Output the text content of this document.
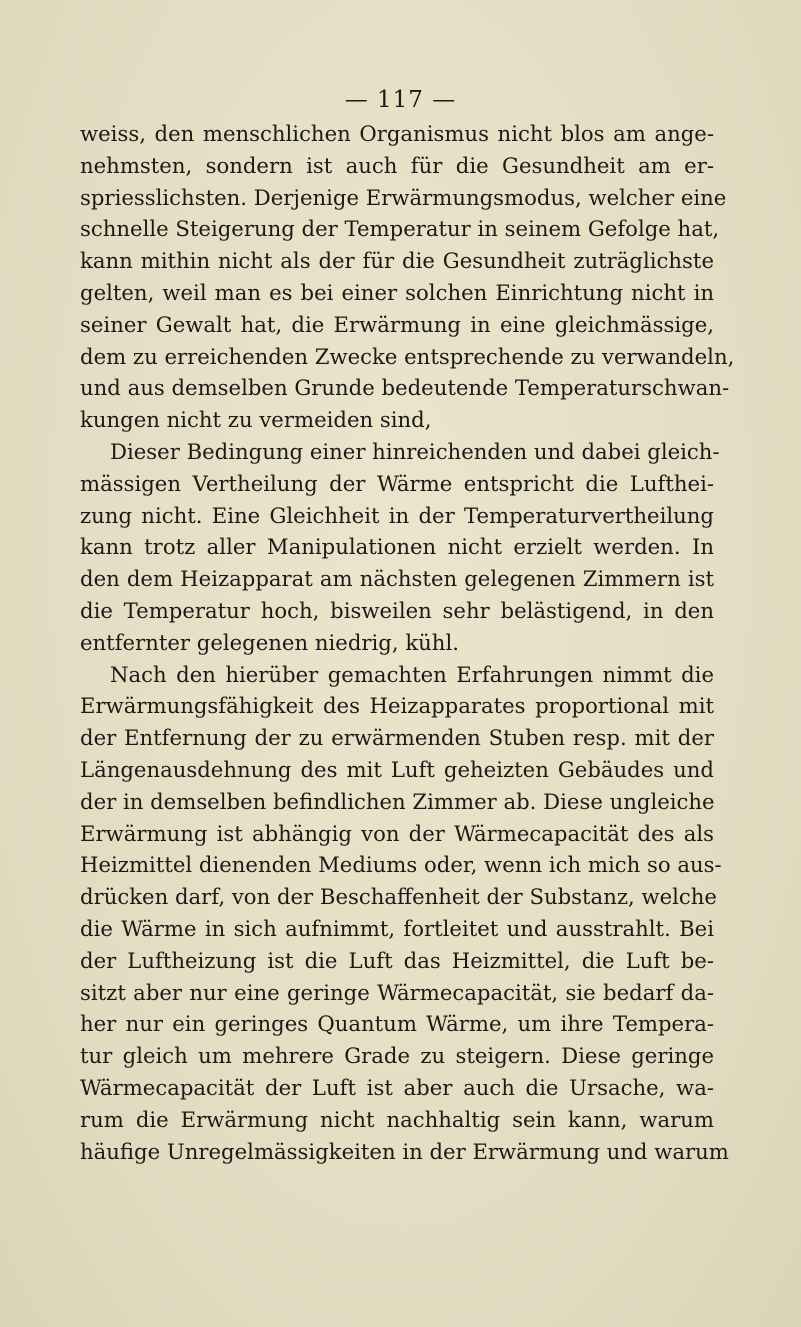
— 117 —
weiss, den menschlichen Organismus nicht blos am ange-
nehmsten, sondern ist auch für die Gesundheit am er-
spriesslichsten. Derjenige Erwärmungsmodus, welcher eine
schnelle Steigerung der Temperatur in seinem Gefolge hat,
kann mithin nicht als der für die Gesundheit zuträglichste
gelten, weil man es bei einer solchen Einrichtung nicht in
seiner Gewalt hat, die Erwärmung in eine gleichmässige,
dem zu erreichenden Zwecke entsprechende zu verwandeln,
und aus demselben Grunde bedeutende Temperaturschwan-
kungen nicht zu vermeiden sind,
Dieser Bedingung einer hinreichenden und dabei gleich-
mässigen Vertheilung der Wärme entspricht die Lufthei-
zung nicht. Eine Gleichheit in der Temperaturvertheilung
kann trotz aller Manipulationen nicht erzielt werden. In
den dem Heizapparat am nächsten gelegenen Zimmern ist
die Temperatur hoch, bisweilen sehr belästigend, in den
entfernter gelegenen niedrig, kühl.
Nach den hierüber gemachten Erfahrungen nimmt die
Erwärmungsfähigkeit des Heizapparates proportional mit
der Entfernung der zu erwärmenden Stuben resp. mit der
Längenausdehnung des mit Luft geheizten Gebäudes und
der in demselben befindlichen Zimmer ab. Diese ungleiche
Erwärmung ist abhängig von der Wärmecapacität des als
Heizmittel dienenden Mediums oder, wenn ich mich so aus-
drücken darf, von der Beschaffenheit der Substanz, welche
die Wärme in sich aufnimmt, fortleitet und ausstrahlt. Bei
der Luftheizung ist die Luft das Heizmittel, die Luft be-
sitzt aber nur eine geringe Wärmecapacität, sie bedarf da-
her nur ein geringes Quantum Wärme, um ihre Tempera-
tur gleich um mehrere Grade zu steigern. Diese geringe
Wärmecapacität der Luft ist aber auch die Ursache, wa-
rum die Erwärmung nicht nachhaltig sein kann, warum
häufige Unregelmässigkeiten in der Erwärmung und warum
